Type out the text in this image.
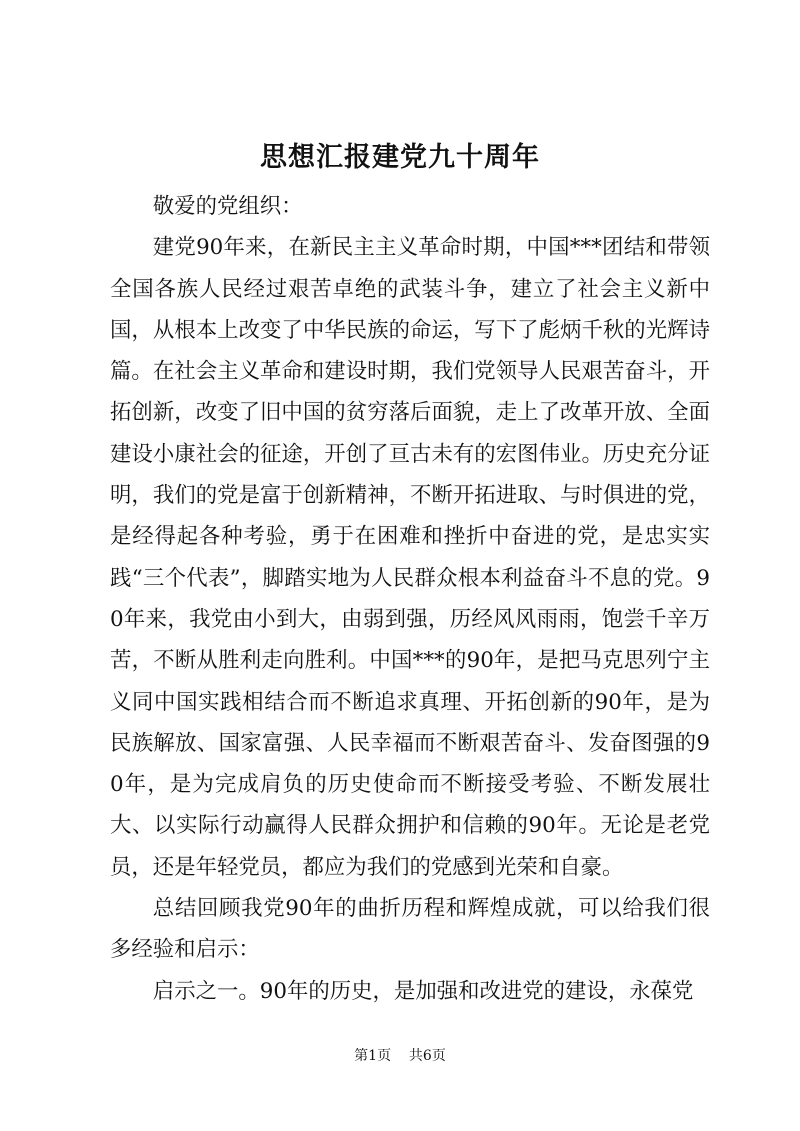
思想汇报建党九十周年

敬爱的党组织：

建党90年来，在新民主主义革命时期，中国***团结和带领全国各族人民经过艰苦卓绝的武装斗争，建立了社会主义新中国，从根本上改变了中华民族的命运，写下了彪炳千秋的光辉诗篇。在社会主义革命和建设时期，我们党领导人民艰苦奋斗，开拓创新，改变了旧中国的贫穷落后面貌，走上了改革开放、全面建设小康社会的征途，开创了亘古未有的宏图伟业。历史充分证明，我们的党是富于创新精神，不断开拓进取、与时俱进的党，是经得起各种考验，勇于在困难和挫折中奋进的党，是忠实实践“三个代表”，脚踏实地为人民群众根本利益奋斗不息的党。90年来，我党由小到大，由弱到强，历经风风雨雨，饱尝千辛万苦，不断从胜利走向胜利。中国***的90年，是把马克思列宁主义同中国实践相结合而不断追求真理、开拓创新的90年，是为民族解放、国家富强、人民幸福而不断艰苦奋斗、发奋图强的90年，是为完成肩负的历史使命而不断接受考验、不断发展壮大、以实际行动赢得人民群众拥护和信赖的90年。无论是老党员，还是年轻党员，都应为我们的党感到光荣和自豪。

总结回顾我党90年的曲折历程和辉煌成就，可以给我们很多经验和启示：

启示之一。90年的历史，是加强和改进党的建设，永葆党

第1页 共6页
